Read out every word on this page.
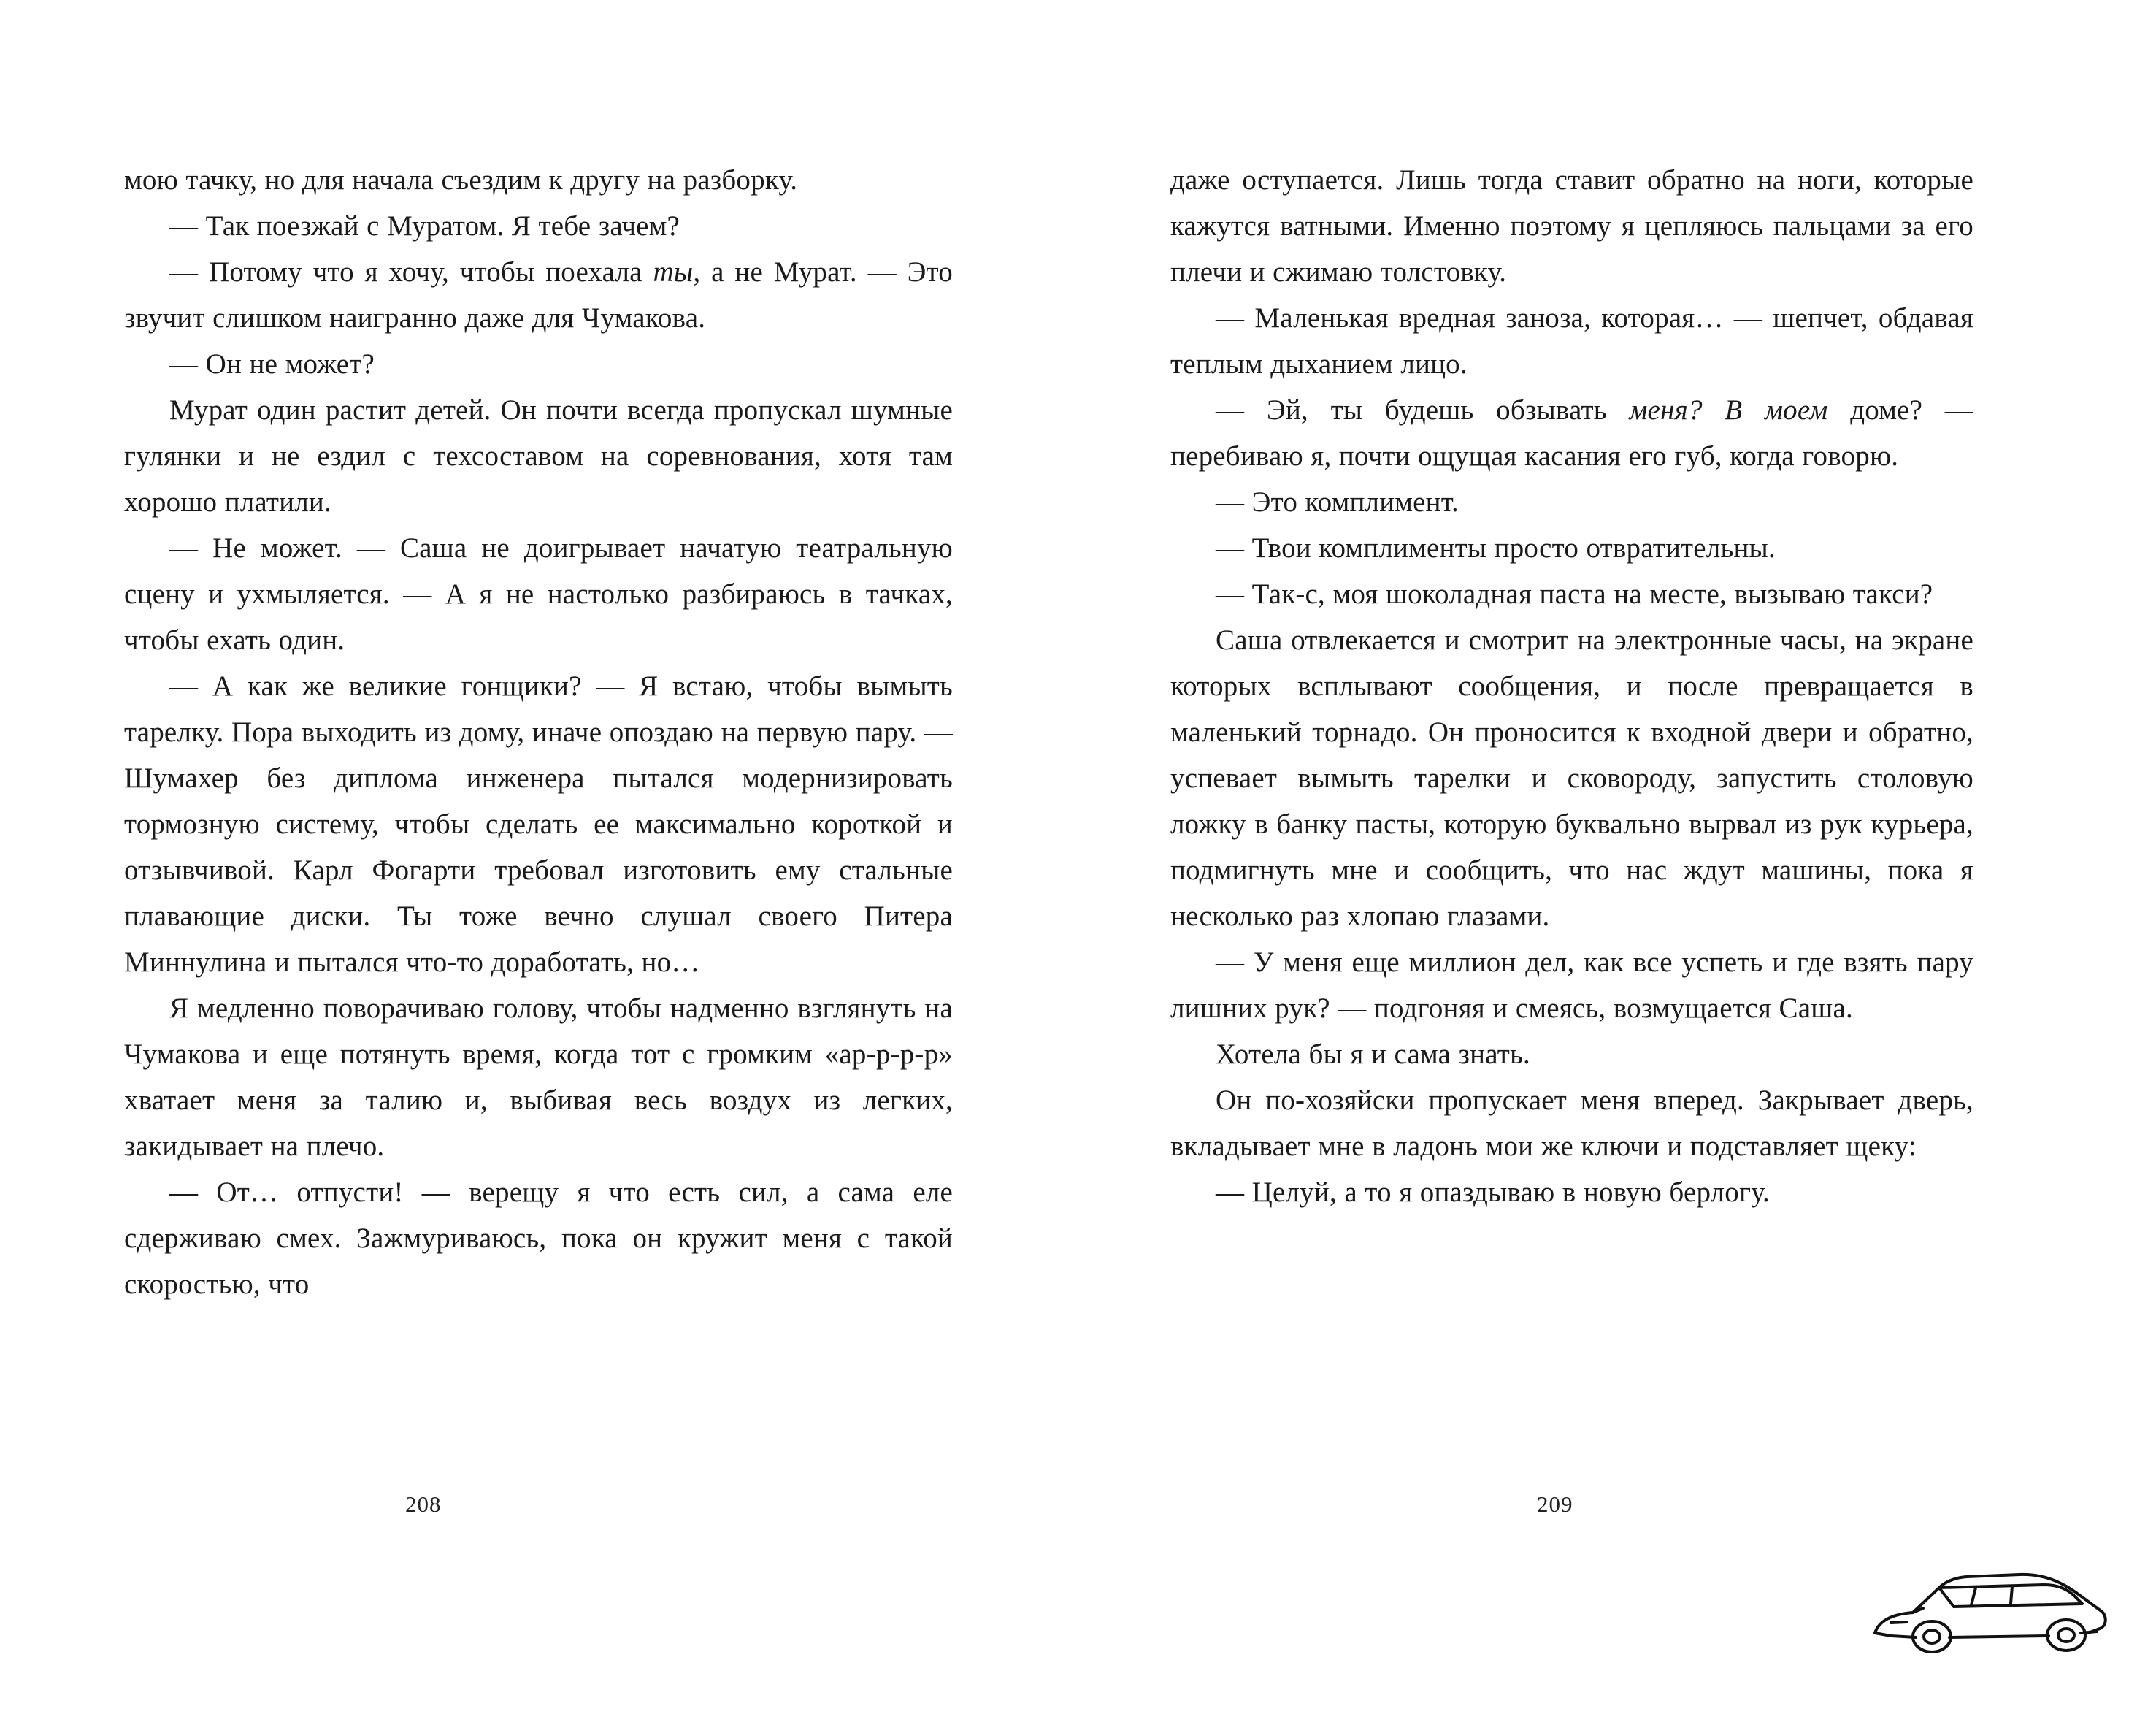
мою тачку, но для начала съездим к другу на разборку.

— Так поезжай с Муратом. Я тебе зачем?

— Потому что я хочу, чтобы поехала ты, а не Мурат. — Это звучит слишком наигранно даже для Чумакова.

— Он не может?

Мурат один растит детей. Он почти всегда пропускал шумные гулянки и не ездил с техсоставом на соревнования, хотя там хорошо платили.

— Не может. — Саша не доигрывает начатую театральную сцену и ухмыляется. — А я не настолько разбираюсь в тачках, чтобы ехать один.

— А как же великие гонщики? — Я встаю, чтобы вымыть тарелку. Пора выходить из дому, иначе опоздаю на первую пару. — Шумахер без диплома инженера пытался модернизировать тормозную систему, чтобы сделать ее максимально короткой и отзывчивой. Карл Фогарти требовал изготовить ему стальные плавающие диски. Ты тоже вечно слушал своего Питера Миннулина и пытался что-то доработать, но…

Я медленно поворачиваю голову, чтобы надменно взглянуть на Чумакова и еще потянуть время, когда тот с громким «ар-р-р-р» хватает меня за талию и, выбивая весь воздух из легких, закидывает на плечо.

— От… отпусти! — верещу я что есть сил, а сама еле сдерживаю смех. Зажмуриваюсь, пока он кружит меня с такой скоростью, что

даже оступается. Лишь тогда ставит обратно на ноги, которые кажутся ватными. Именно поэтому я цепляюсь пальцами за его плечи и сжимаю толстовку.

— Маленькая вредная заноза, которая… — шепчет, обдавая теплым дыханием лицо.

— Эй, ты будешь обзывать меня? В моем доме? — перебиваю я, почти ощущая касания его губ, когда говорю.

— Это комплимент.

— Твои комплименты просто отвратительны.

— Так-с, моя шоколадная паста на месте, вызываю такси?

Саша отвлекается и смотрит на электронные часы, на экране которых всплывают сообщения, и после превращается в маленький торнадо. Он проносится к входной двери и обратно, успевает вымыть тарелки и сковороду, запустить столовую ложку в банку пасты, которую буквально вырвал из рук курьера, подмигнуть мне и сообщить, что нас ждут машины, пока я несколько раз хлопаю глазами.

— У меня еще миллион дел, как все успеть и где взять пару лишних рук? — подгоняя и смеясь, возмущается Саша.

Хотела бы я и сама знать.

Он по-хозяйски пропускает меня вперед. Закрывает дверь, вкладывает мне в ладонь мои же ключи и подставляет щеку:

— Целуй, а то я опаздываю в новую берлогу.

208	209
